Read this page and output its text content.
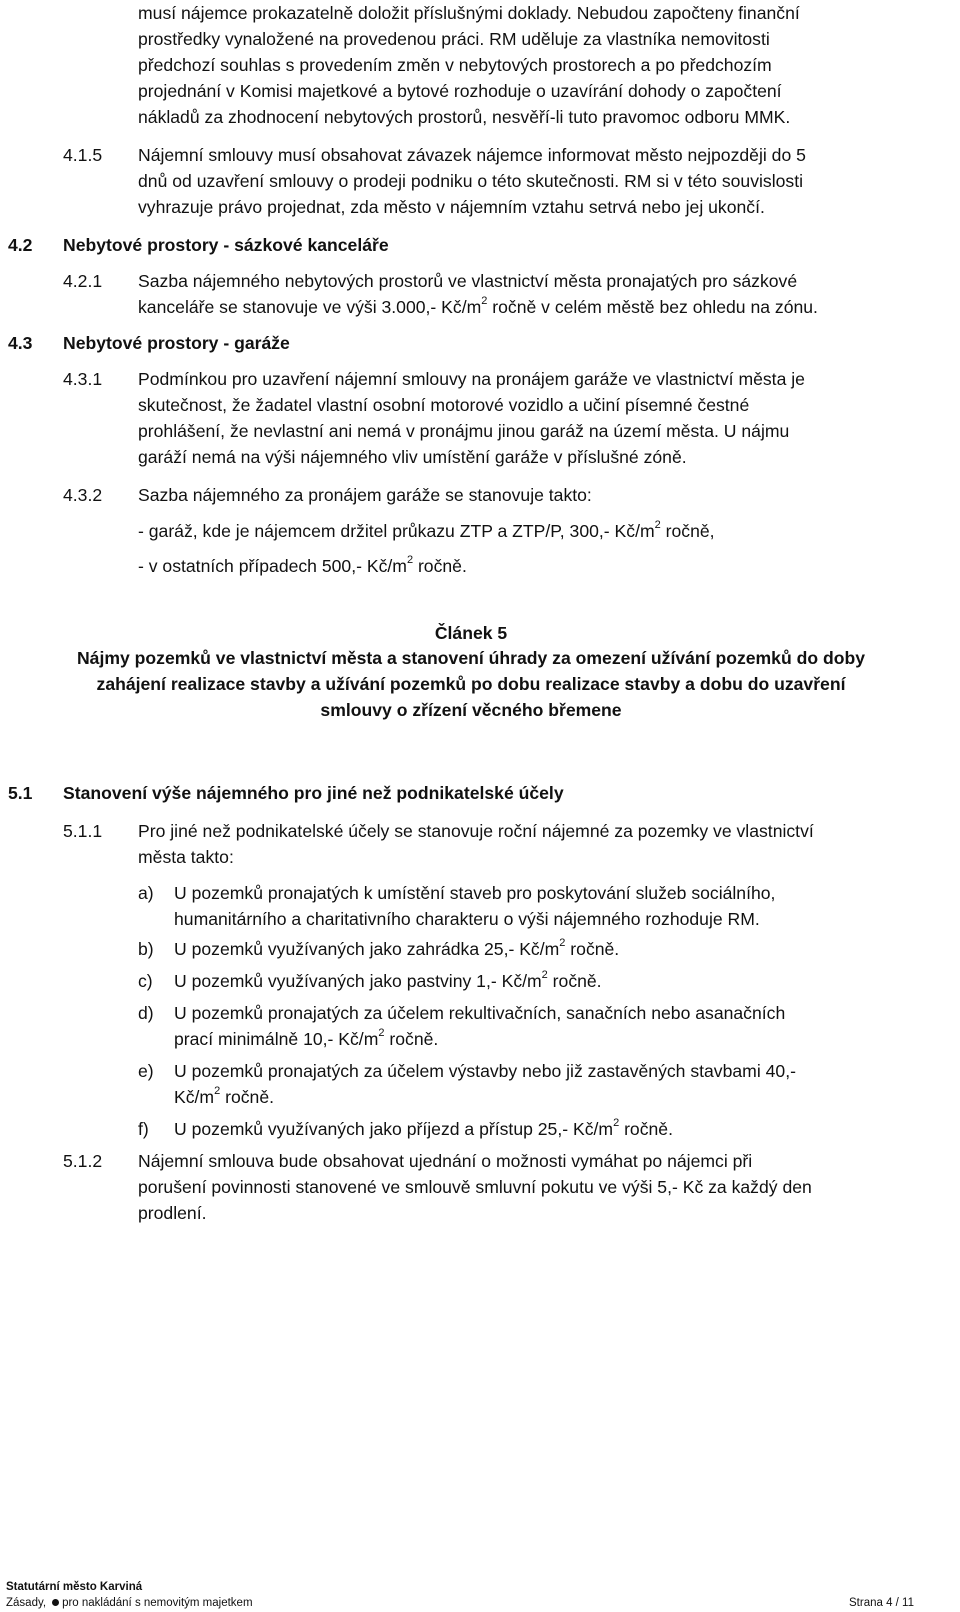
musí nájemce prokazatelně doložit příslušnými doklady. Nebudou započteny finanční
prostředky vynaložené na provedenou práci. RM uděluje za vlastníka nemovitosti
předchozí souhlas s provedením změn v nebytových prostorech a po předchozím
projednání v Komisi majetkové a bytové rozhoduje o uzavírání dohody o započtení
nákladů za zhodnocení nebytových prostorů, nesvěří-li tuto pravomoc odboru MMK.
4.1.5 Nájemní smlouvy musí obsahovat závazek nájemce informovat město nejpozději do 5
dnů od uzavření smlouvy o prodeji podniku o této skutečnosti. RM si v této souvislosti
vyhrazuje právo projednat, zda město v nájemním vztahu setrvá nebo jej ukončí.
4.2 Nebytové prostory - sázkové kanceláře
4.2.1 Sazba nájemného nebytových prostorů ve vlastnictví města pronajatých pro sázkové
kanceláře se stanovuje ve výši 3.000,- $Kč/m^2$ ročně v celém městě bez ohledu na zónu.
4.3 Nebytové prostory - garáže
4.3.1 Podmínkou pro uzavření nájemní smlouvy na pronájem garáže ve vlastnictví města je
skutečnost, že žadatel vlastní osobní motorové vozidlo a učiní písemné čestné
prohlášení, že nevlastní ani nemá v pronájmu jinou garáž na území města. U nájmu
garáží nemá na výši nájemného vliv umístění garáže v příslušné zóně.
4.3.2 Sazba nájemného za pronájem garáže se stanovuje takto:
- garáž, kde je nájemcem držitel průkazu ZTP a ZTP/P, 300,- $Kč/m^2$ ročně,
- v ostatních případech 500,- $Kč/m^2$ ročně.
Článek 5
Nájmy pozemků ve vlastnictví města a stanovení úhrady za omezení užívání pozemků do doby
zahájení realizace stavby a užívání pozemků po dobu realizace stavby a dobu do uzavření
smlouvy o zřízení věcného břemene
5.1 Stanovení výše nájemného pro jiné než podnikatelské účely
5.1.1 Pro jiné než podnikatelské účely se stanovuje roční nájemné za pozemky ve vlastnictví
města takto:
a) U pozemků pronajatých k umístění staveb pro poskytování služeb sociálního,
humanitárního a charitativního charakteru o výši nájemného rozhoduje RM.
b) U pozemků využívaných jako zahrádka 25,- $Kč/m^2$ ročně.
c) U pozemků využívaných jako pastviny 1,- $Kč/m^2$ ročně.
d) U pozemků pronajatých za účelem rekultivačních, sanačních nebo asanačních
prací minimálně 10,- $Kč/m^2$ ročně.
e) U pozemků pronajatých za účelem výstavby nebo již zastavěných stavbami 40,-
$Kč/m^2$ ročně.
f) U pozemků využívaných jako příjezd a přístup 25,- $Kč/m^2$ ročně.
5.1.2 Nájemní smlouva bude obsahovat ujednání o možnosti vymáhat po nájemci při
porušení povinnosti stanovené ve smlouvě smluvní pokutu ve výši 5,- Kč za každý den
prodlení.
Statutární město Karviná
Zásady, pro nakládání s nemovitým majetkem	Strana 4 / 11
